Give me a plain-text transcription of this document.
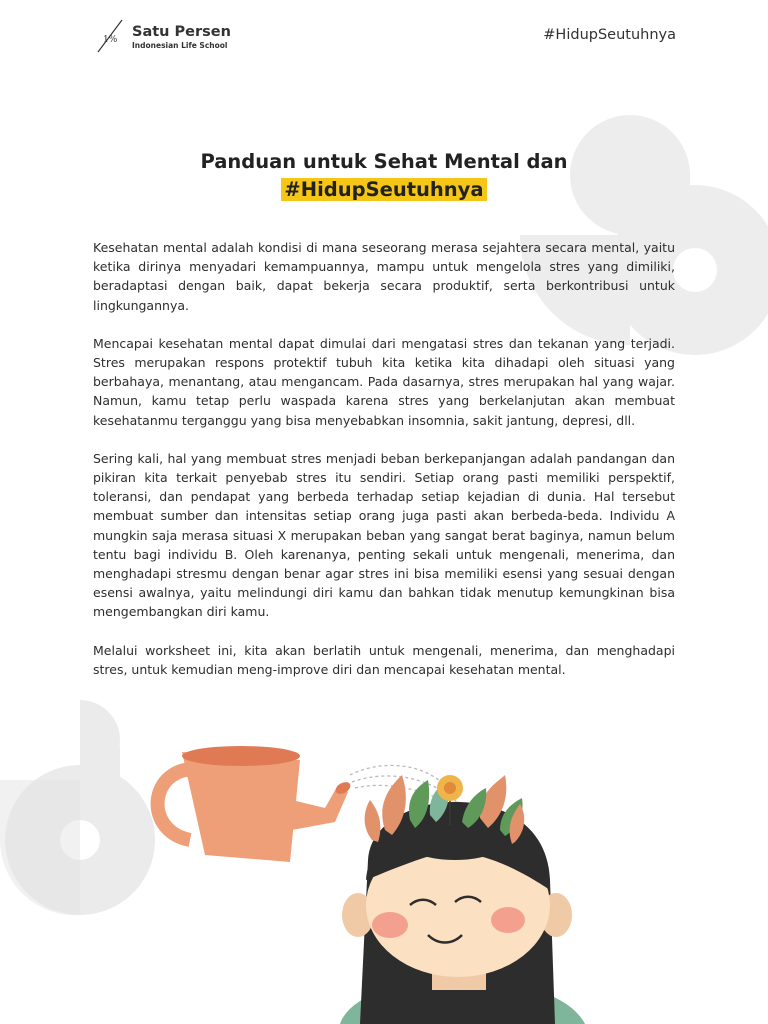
1% Satu Persen
Indonesian Life School
#HidupSeutuhnya
Panduan untuk Sehat Mental dan
#HidupSeutuhnya

Kesehatan mental adalah kondisi di mana seseorang merasa sejahtera secara mental, yaitu ketika dirinya menyadari kemampuannya, mampu untuk mengelola stres yang dimiliki, beradaptasi dengan baik, dapat bekerja secara produktif, serta berkontribusi untuk lingkungannya.

Mencapai kesehatan mental dapat dimulai dari mengatasi stres dan tekanan yang terjadi. Stres merupakan respons protektif tubuh kita ketika kita dihadapi oleh situasi yang berbahaya, menantang, atau mengancam. Pada dasarnya, stres merupakan hal yang wajar. Namun, kamu tetap perlu waspada karena stres yang berkelanjutan akan membuat kesehatanmu terganggu yang bisa menyebabkan insomnia, sakit jantung, depresi, dll.

Sering kali, hal yang membuat stres menjadi beban berkepanjangan adalah pandangan dan pikiran kita terkait penyebab stres itu sendiri. Setiap orang pasti memiliki perspektif, toleransi, dan pendapat yang berbeda terhadap setiap kejadian di dunia. Hal tersebut membuat sumber dan intensitas setiap orang juga pasti akan berbeda-beda. Individu A mungkin saja merasa situasi X merupakan beban yang sangat berat baginya, namun belum tentu bagi individu B. Oleh karenanya, penting sekali untuk mengenali, menerima, dan menghadapi stresmu dengan benar agar stres ini bisa memiliki esensi yang sesuai dengan esensi awalnya, yaitu melindungi diri kamu dan bahkan tidak menutup kemungkinan bisa mengembangkan diri kamu.

Melalui worksheet ini, kita akan berlatih untuk mengenali, menerima, dan menghadapi stres, untuk kemudian meng-improve diri dan mencapai kesehatan mental.
